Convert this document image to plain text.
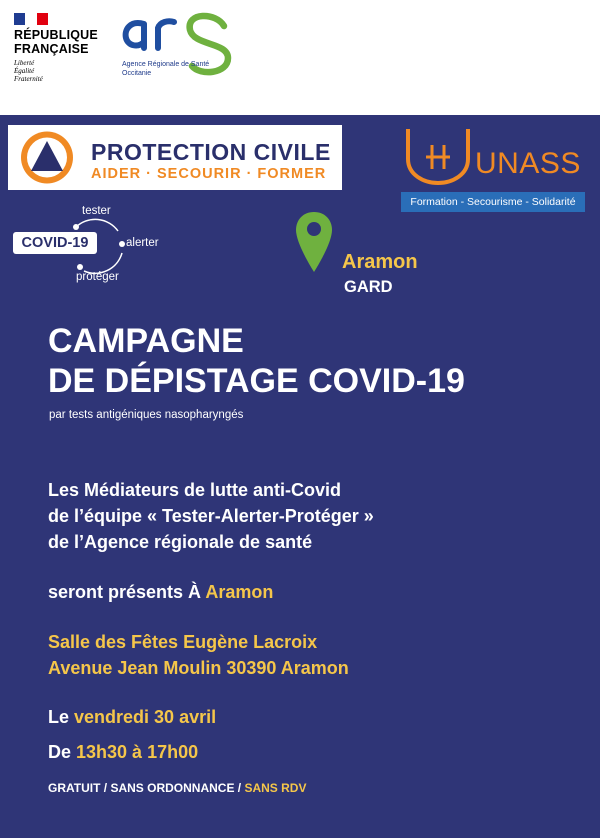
RÉPUBLIQUE
FRANÇAISE
Liberté
Égalité
Fraternité
Agence Régionale de Santé
Occitanie
PROTECTION CIVILE
AIDER · SECOURIR · FORMER	UNASS
Formation - Secourisme - Solidarité
COVID-19
tester
alerter
protéger
Aramon
GARD
CAMPAGNE
DE DÉPISTAGE COVID-19
par tests antigéniques nasopharyngés
Les Médiateurs de lutte anti-Covid
de l’équipe « Tester-Alerter-Protéger »
de l’Agence régionale de santé
seront présents À Aramon
Salle des Fêtes Eugène Lacroix
Avenue Jean Moulin 30390 Aramon
Le vendredi 30 avril
De 13h30 à 17h00
GRATUIT / SANS ORDONNANCE / SANS RDV
